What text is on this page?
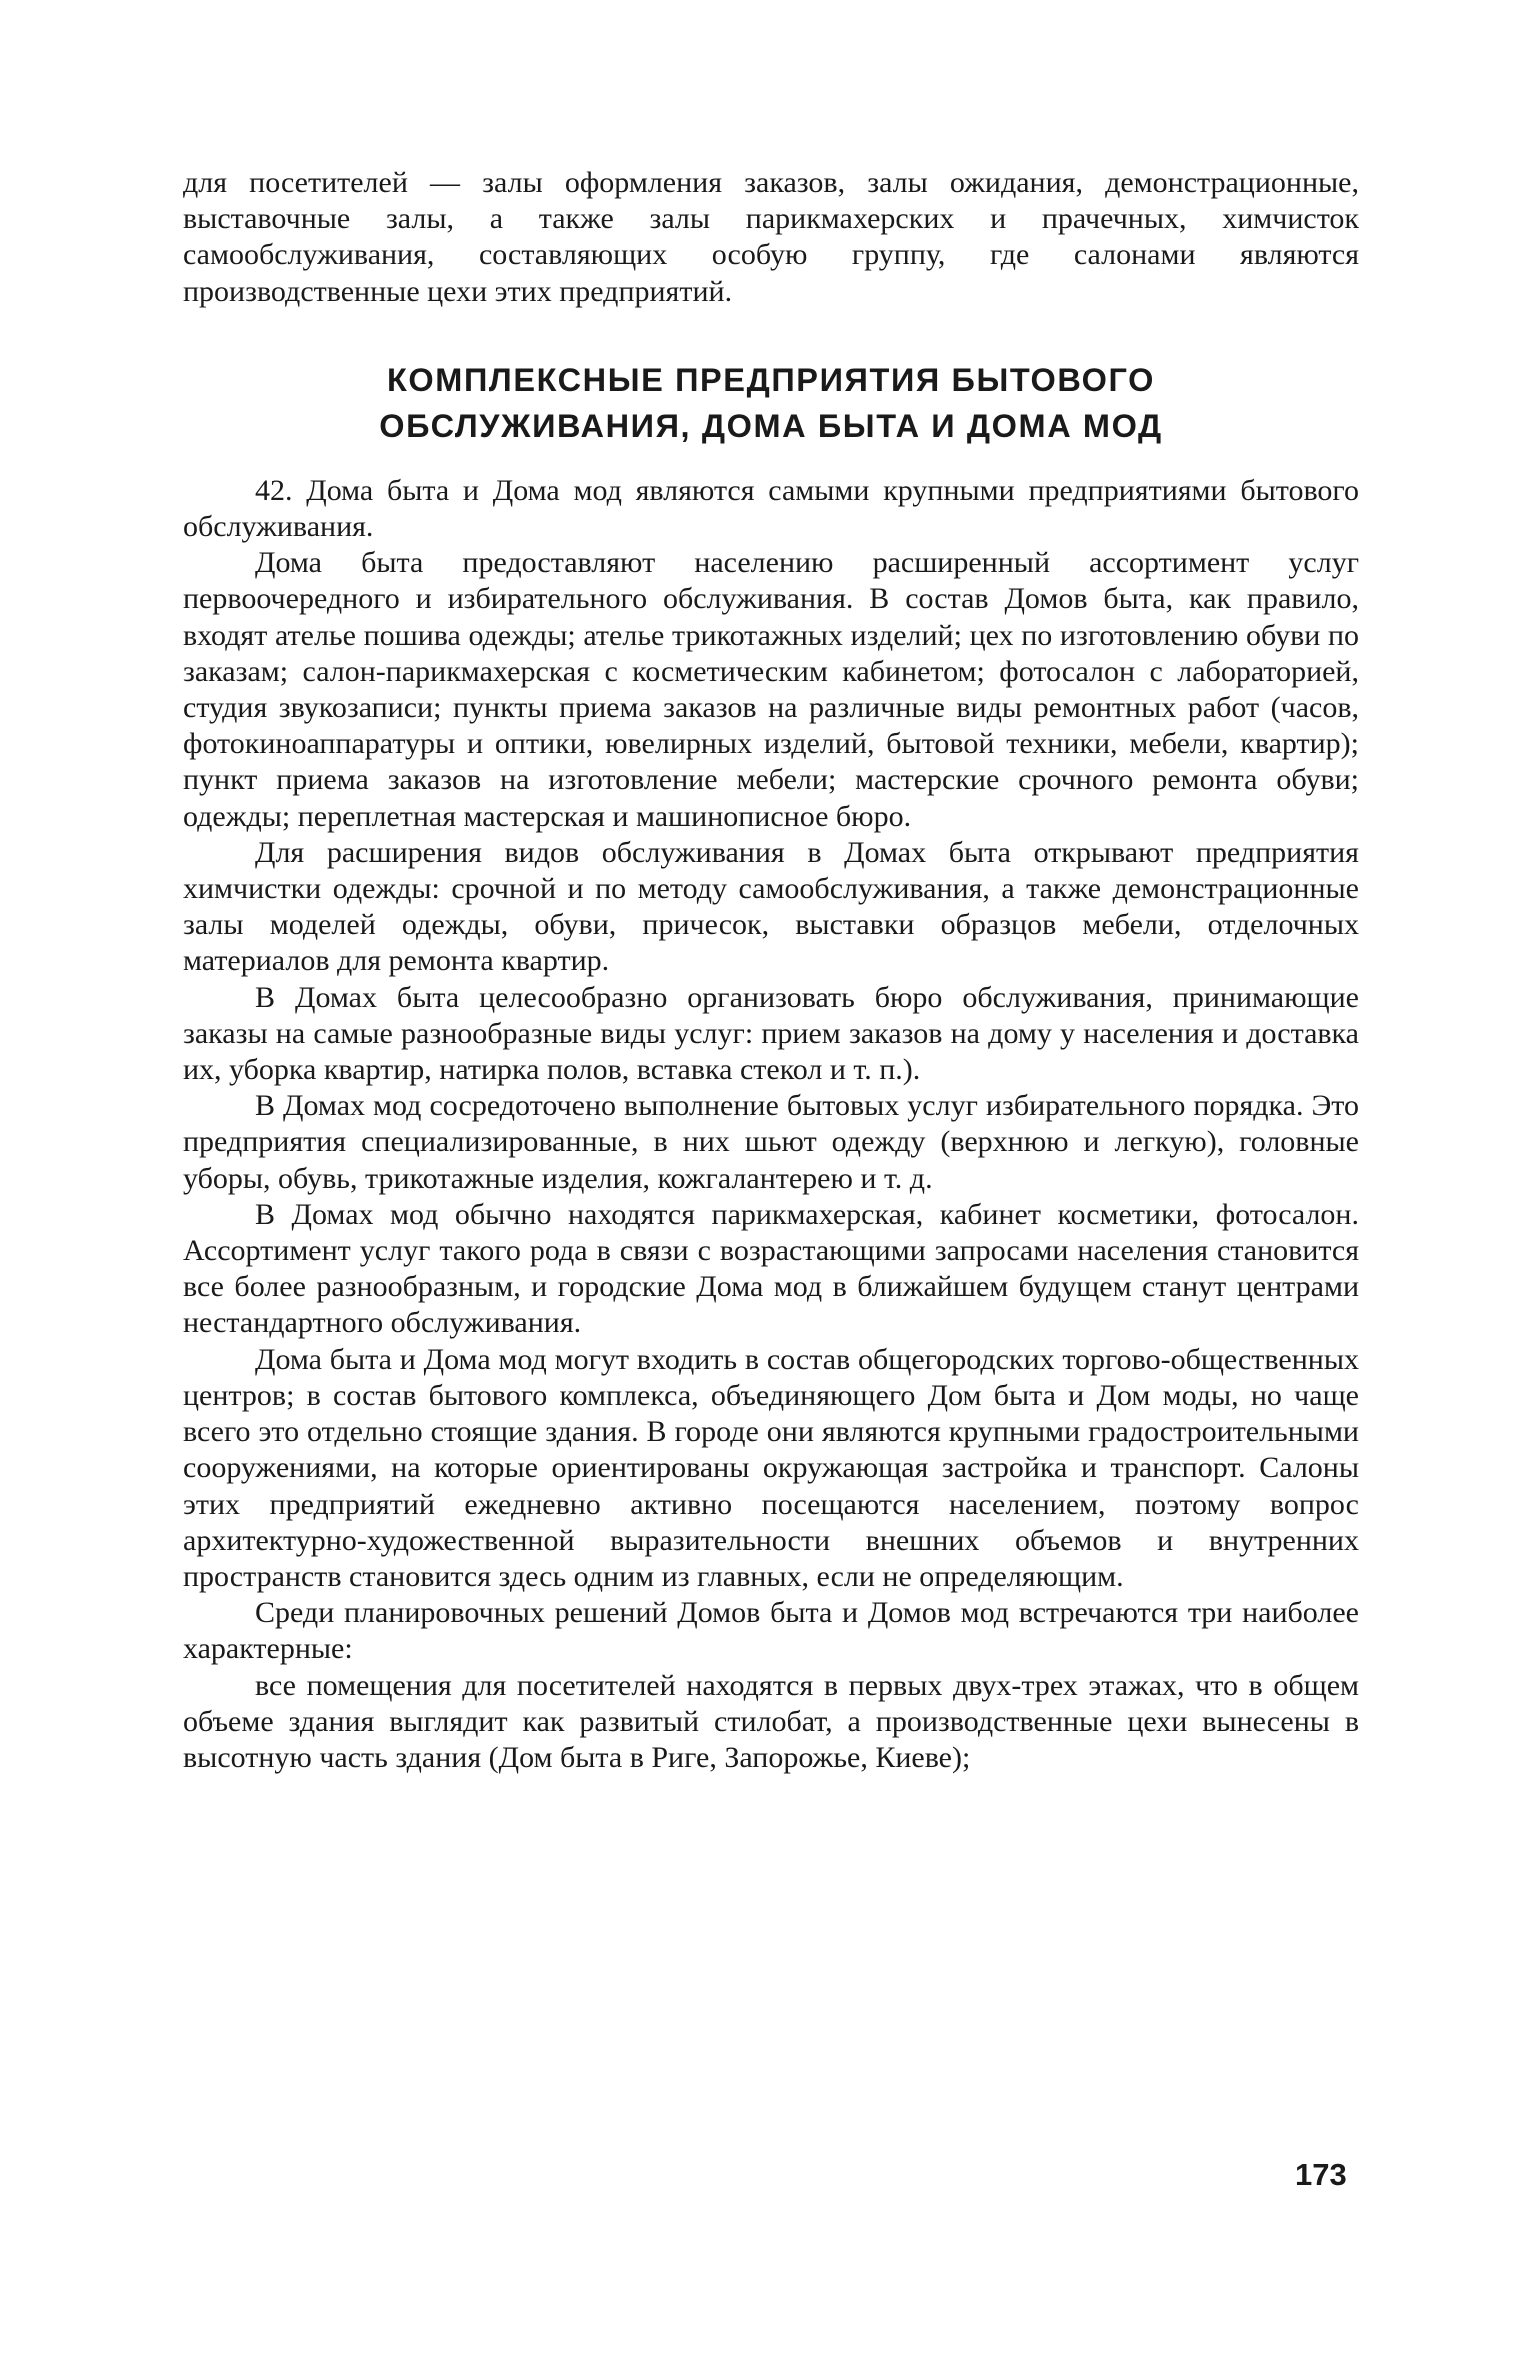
для посетителей — залы оформления заказов, залы ожидания, демонстрационные, выставочные залы, а также залы парикмахерских и прачечных, химчисток самообслуживания, составляющих особую группу, где салонами являются производственные цехи этих предприятий.

КОМПЛЕКСНЫЕ ПРЕДПРИЯТИЯ БЫТОВОГО
ОБСЛУЖИВАНИЯ, ДОМА БЫТА И ДОМА МОД

42. Дома быта и Дома мод являются самыми крупными предприятиями бытового обслуживания.

Дома быта предоставляют населению расширенный ассортимент услуг первоочередного и избирательного обслуживания. В состав Домов быта, как правило, входят ателье пошива одежды; ателье трикотажных изделий; цех по изготовлению обуви по заказам; салон-парикмахерская с косметическим кабинетом; фотосалон с лабораторией, студия звукозаписи; пункты приема заказов на различные виды ремонтных работ (часов, фотокиноаппаратуры и оптики, ювелирных изделий, бытовой техники, мебели, квартир); пункт приема заказов на изготовление мебели; мастерские срочного ремонта обуви; одежды; переплетная мастерская и машинописное бюро.

Для расширения видов обслуживания в Домах быта открывают предприятия химчистки одежды: срочной и по методу самообслуживания, а также демонстрационные залы моделей одежды, обуви, причесок, выставки образцов мебели, отделочных материалов для ремонта квартир.

В Домах быта целесообразно организовать бюро обслуживания, принимающие заказы на самые разнообразные виды услуг: прием заказов на дому у населения и доставка их, уборка квартир, натирка полов, вставка стекол и т. п.).

В Домах мод сосредоточено выполнение бытовых услуг избирательного порядка. Это предприятия специализированные, в них шьют одежду (верхнюю и легкую), головные уборы, обувь, трикотажные изделия, кожгалантерею и т. д.

В Домах мод обычно находятся парикмахерская, кабинет косметики, фотосалон. Ассортимент услуг такого рода в связи с возрастающими запросами населения становится все более разнообразным, и городские Дома мод в ближайшем будущем станут центрами нестандартного обслуживания.

Дома быта и Дома мод могут входить в состав общегородских торгово-общественных центров; в состав бытового комплекса, объединяющего Дом быта и Дом моды, но чаще всего это отдельно стоящие здания. В городе они являются крупными градостроительными сооружениями, на которые ориентированы окружающая застройка и транспорт. Салоны этих предприятий ежедневно активно посещаются населением, поэтому вопрос архитектурно-художественной выразительности внешних объемов и внутренних пространств становится здесь одним из главных, если не определяющим.

Среди планировочных решений Домов быта и Домов мод встречаются три наиболее характерные:

все помещения для посетителей находятся в первых двух-трех этажах, что в общем объеме здания выглядит как развитый стилобат, а производственные цехи вынесены в высотную часть здания (Дом быта в Риге, Запорожье, Киеве);

173
